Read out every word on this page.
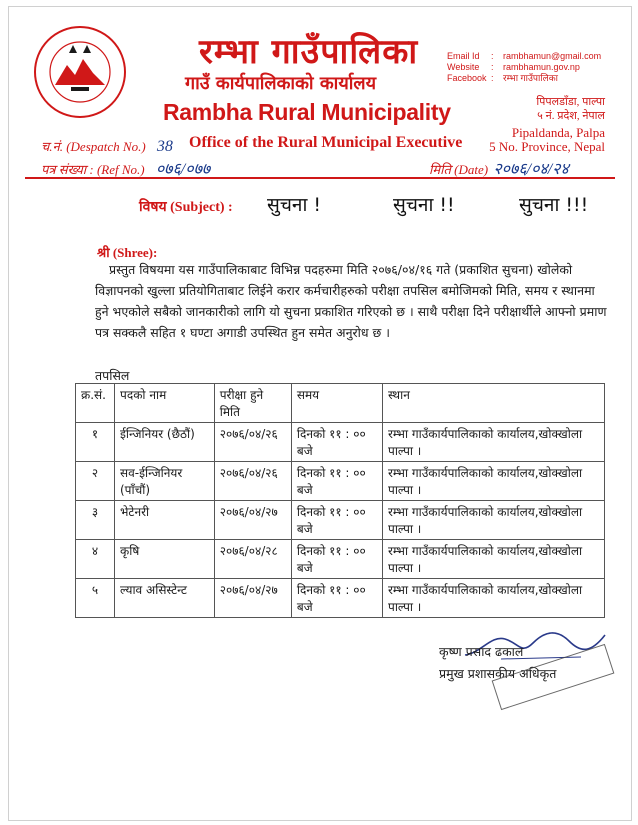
रम्भा गाउँपालिका
गाउँ कार्यपालिकाको कार्यालय
Rambha Rural Municipality
Email Id	:	rambhamun@gmail.com
Website	:	rambhamun.gov.np
Facebook :	रम्भा गाउँपालिका
पिपलडाँडा, पाल्पा
५ नं. प्रदेश, नेपाल
Pipaldanda, Palpa
5 No. Province, Nepal
च.नं. (Despatch No.) 38 Office of the Rural Municipal Executive
पत्र संख्या : (Ref No.) ०७६/०७७	मिति (Date) २०७६/०४/२४
विषय (Subject) : सुचना !	सुचना !!	सुचना !!!
श्री (Shree):
प्रस्तुत विषयमा यस गाउँपालिकाबाट विभिन्न पदहरुमा मिति २०७६/०४/१६ गते (प्रकाशित सुचना) खोलेको विज्ञापनको खुल्ला प्रतियोगिताबाट लिईने करार कर्मचारीहरुको परीक्षा तपसिल बमोजिमको मिति, समय र स्थानमा हुने भएकोले सबैको जानकारीको लागि यो सुचना प्रकाशित गरिएको छ । साथै परीक्षा दिने परीक्षार्थीले आफ्नो प्रमाण पत्र सक्कलै सहित १ घण्टा अगाडी उपस्थित हुन समेत अनुरोध छ ।
तपसिल
क्र.सं.	पदको नाम	परीक्षा हुने मिति	समय	स्थान
१	ईन्जिनियर (छैठौं)	२०७६/०४/२६	दिनको ११ : ०० बजे	रम्भा गाउँकार्यपालिकाको कार्यालय,खोक्खोला पाल्पा ।
२	सव-ईन्जिनियर (पाँचौं)	२०७६/०४/२६	दिनको ११ : ०० बजे	रम्भा गाउँकार्यपालिकाको कार्यालय,खोक्खोला पाल्पा ।
३	भेटेनरी	२०७६/०४/२७	दिनको ११ : ०० बजे	रम्भा गाउँकार्यपालिकाको कार्यालय,खोक्खोला पाल्पा ।
४	कृषि	२०७६/०४/२८	दिनको ११ : ०० बजे	रम्भा गाउँकार्यपालिकाको कार्यालय,खोक्खोला पाल्पा ।
५	ल्याव असिस्टेन्ट	२०७६/०४/२७	दिनको ११ : ०० बजे	रम्भा गाउँकार्यपालिकाको कार्यालय,खोक्खोला पाल्पा ।
कृष्ण प्रसाद ढकाल
प्रमुख प्रशासकीय अधिकृत
